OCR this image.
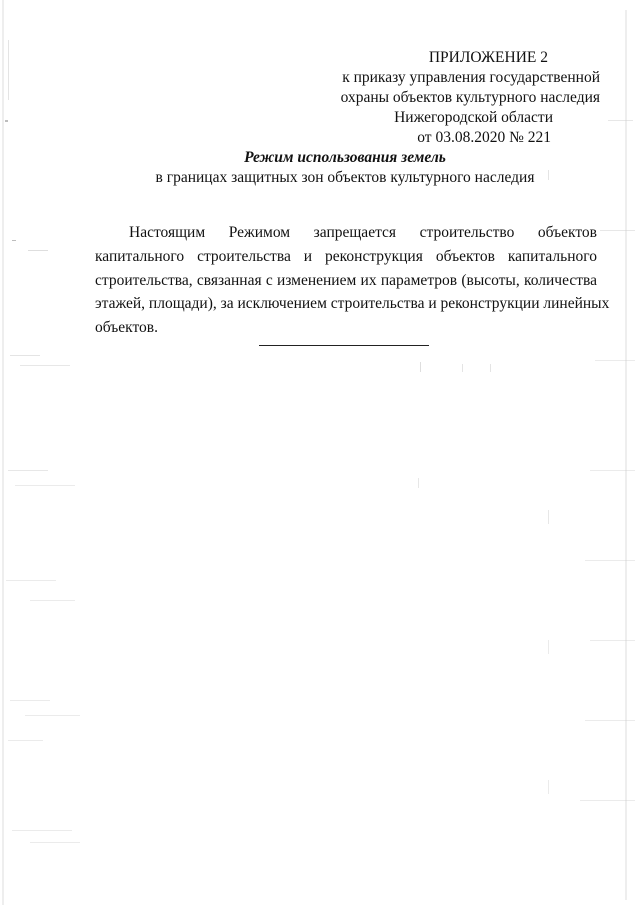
ПРИЛОЖЕНИЕ 2
к приказу управления государственной
охраны объектов культурного наследия
Нижегородской области
от 03.08.2020 № 221
Режим использования земель
в границах защитных зон объектов культурного наследия
Настоящим Режимом запрещается строительство объектов
капитального строительства и реконструкция объектов капитального
строительства, связанная с изменением их параметров (высоты, количества
этажей, площади), за исключением строительства и реконструкции линейных
объектов.
